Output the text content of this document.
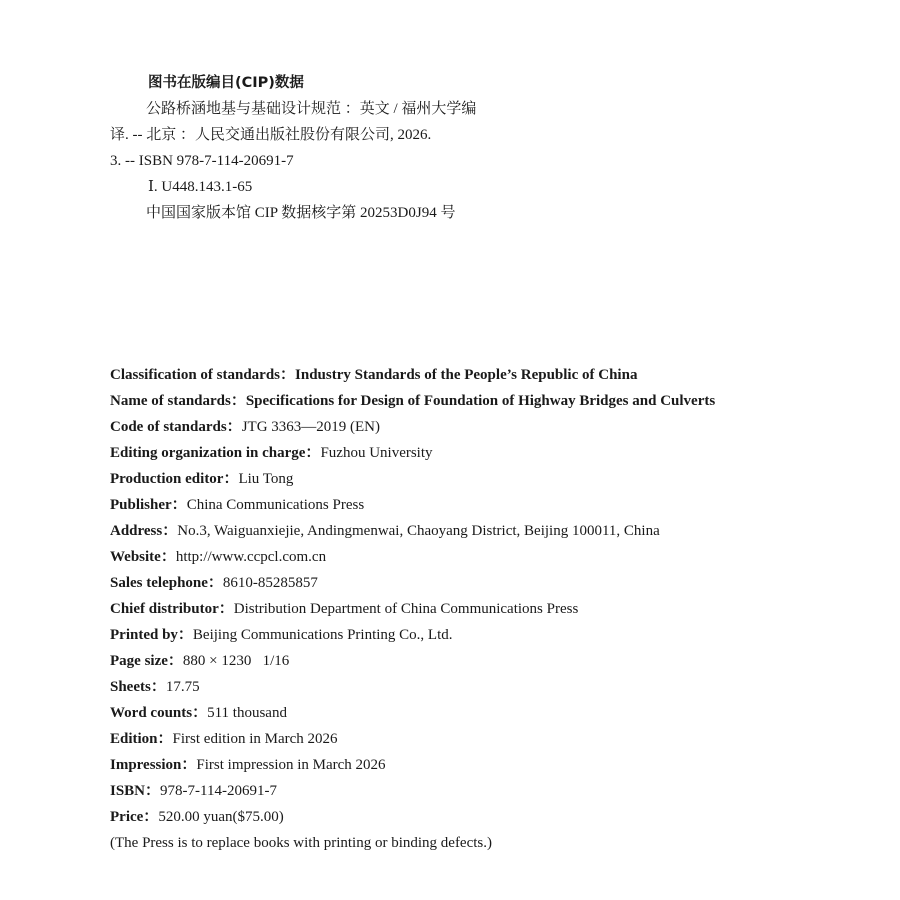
图书在版编目(CIP)数据
公路桥涵地基与基础设计规范 ：英文 / 福州大学编
译. -- 北京 ：人民交通出版社股份有限公司, 2026.
3. -- ISBN 978-7-114-20691-7
Ⅰ. U448.143.1-65
中国国家版本馆 CIP 数据核字第 20253D0J94 号
Classification of standards：Industry Standards of the People’s Republic of China
Name of standards：Specifications for Design of Foundation of Highway Bridges and Culverts
Code of standards：JTG 3363—2019 (EN)
Editing organization in charge：Fuzhou University
Production editor：Liu Tong
Publisher：China Communications Press
Address：No.3, Waiguanxiejie, Andingmenwai, Chaoyang District, Beijing 100011, China
Website：http://www.ccpcl.com.cn
Sales telephone：8610-85285857
Chief distributor：Distribution Department of China Communications Press
Printed by：Beijing Communications Printing Co., Ltd.
Page size：880 × 1230   1/16
Sheets：17.75
Word counts：511 thousand
Edition：First edition in March 2026
Impression：First impression in March 2026
ISBN：978-7-114-20691-7
Price：520.00 yuan($75.00)
(The Press is to replace books with printing or binding defects.)
